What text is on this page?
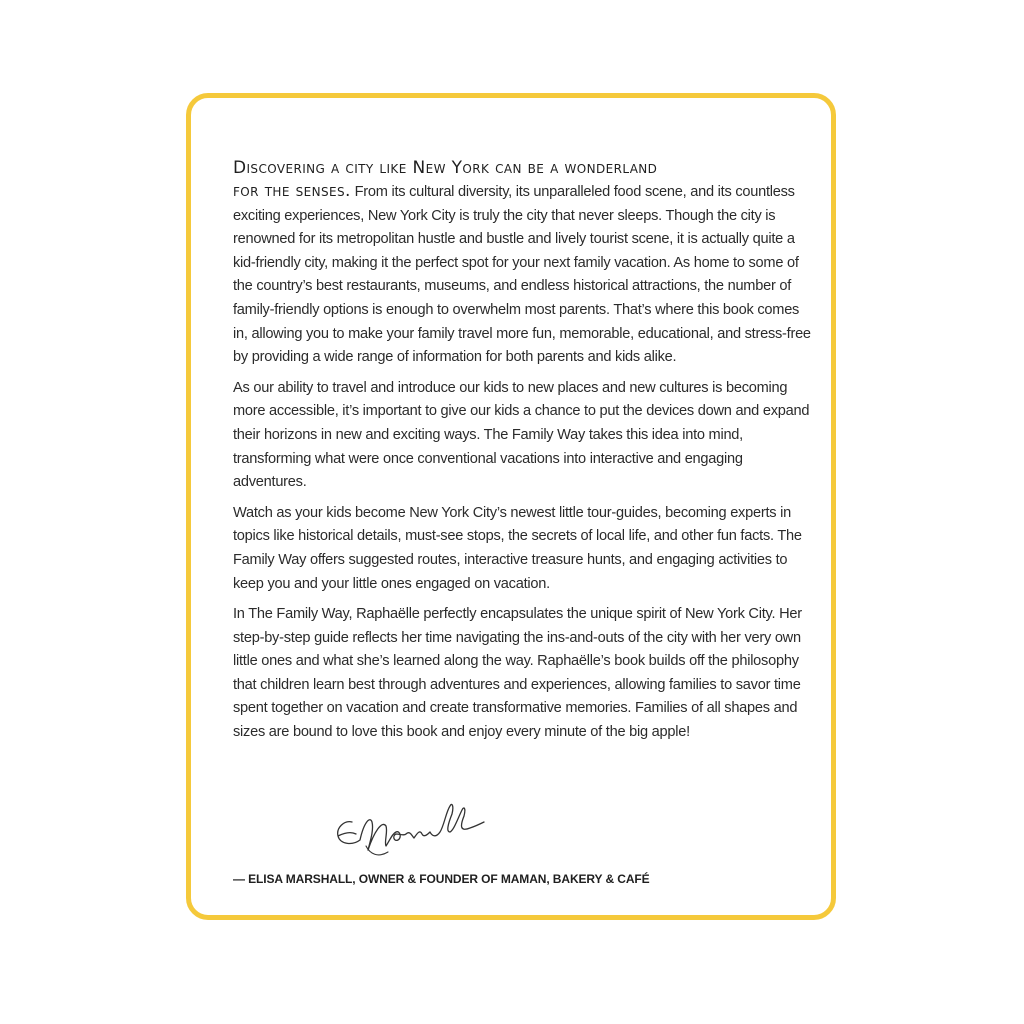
Discovering a city like New York can be a wonderland
for the senses. From its cultural diversity, its unparalleled food scene, and its countless exciting experiences, New York City is truly the city that never sleeps. Though the city is renowned for its metropolitan hustle and bustle and lively tourist scene, it is actually quite a kid-friendly city, making it the perfect spot for your next family vacation. As home to some of the country’s best restaurants, museums, and endless historical attractions, the number of family-friendly options is enough to overwhelm most parents. That’s where this book comes in, allowing you to make your family travel more fun, memorable, educational, and stress-free by providing a wide range of information for both parents and kids alike.

As our ability to travel and introduce our kids to new places and new cultures is becoming more accessible, it’s important to give our kids a chance to put the devices down and expand their horizons in new and exciting ways. The Family Way takes this idea into mind, transforming what were once conventional vacations into interactive and engaging adventures.

Watch as your kids become New York City’s newest little tour-guides, becoming experts in topics like historical details, must-see stops, the secrets of local life, and other fun facts. The Family Way offers suggested routes, interactive treasure hunts, and engaging activities to keep you and your little ones engaged on vacation.

In The Family Way, Raphaëlle perfectly encapsulates the unique spirit of New York City. Her step-by-step guide reflects her time navigating the ins-and-outs of the city with her very own little ones and what she’s learned along the way. Raphaëlle’s book builds off the philosophy that children learn best through adventures and experiences, allowing families to savor time spent together on vacation and create transformative memories. Families of all shapes and sizes are bound to love this book and enjoy every minute of the big apple!

— ELISA MARSHALL, OWNER & FOUNDER OF MAMAN, BAKERY & CAFÉ
